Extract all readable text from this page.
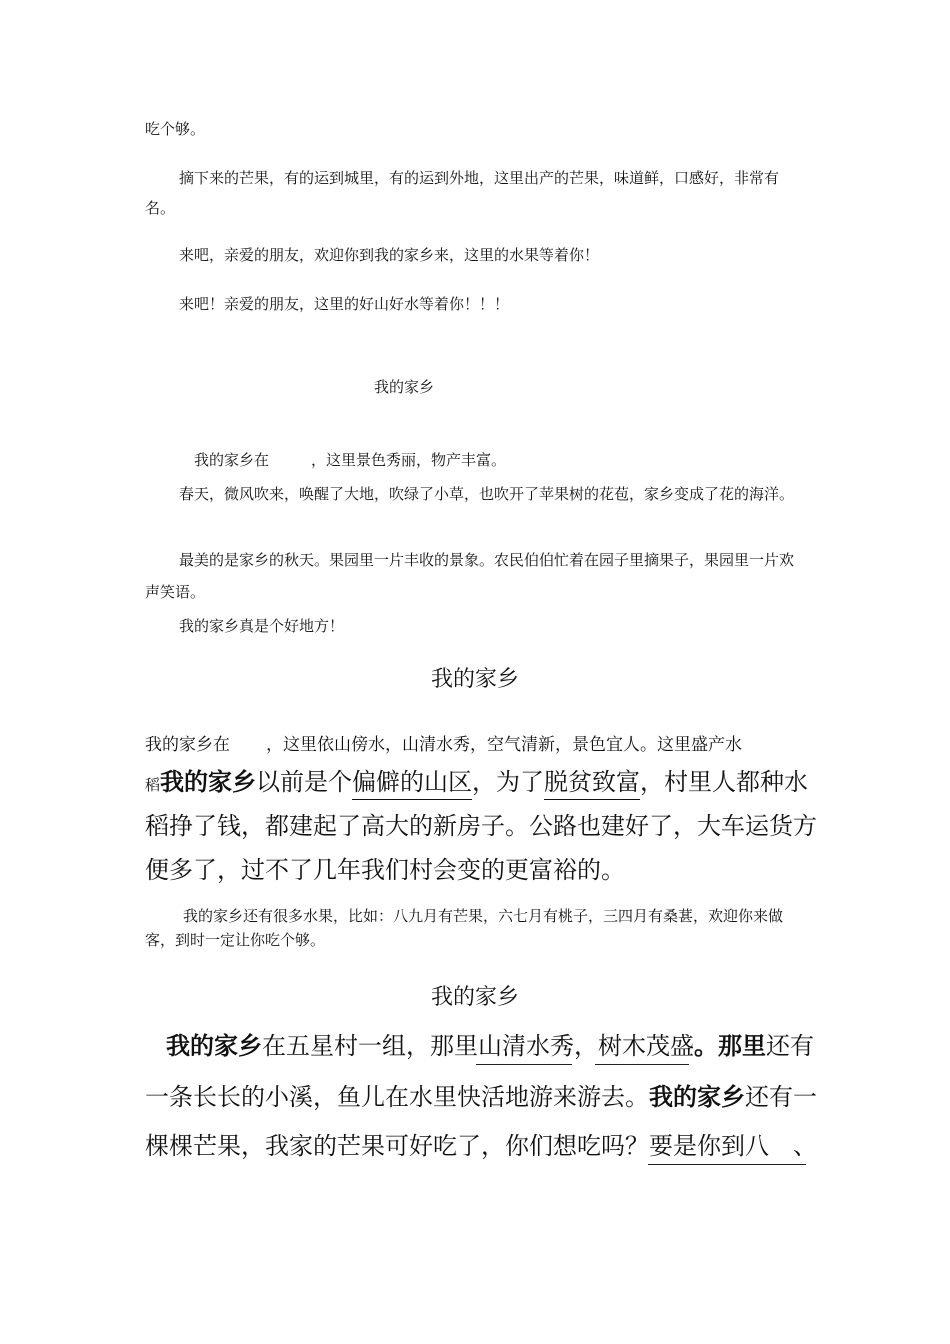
吃个够。

摘下来的芒果，有的运到城里，有的运到外地，这里出产的芒果，味道鲜，口感好，非常有名。

来吧，亲爱的朋友，欢迎你到我的家乡来，这里的水果等着你！

来吧！亲爱的朋友，这里的好山好水等着你！！！

我的家乡

我的家乡在	，这里景色秀丽，物产丰富。

春天，微风吹来，唤醒了大地，吹绿了小草，也吹开了苹果树的花苞，家乡变成了花的海洋。

最美的是家乡的秋天。果园里一片丰收的景象。农民伯伯忙着在园子里摘果子，果园里一片欢声笑语。

我的家乡真是个好地方！

我的家乡

我的家乡在 ，这里依山傍水，山清水秀，空气清新，景色宜人。这里盛产水

稻我的家乡以前是个偏僻的山区，为了脱贫致富，村里人都种水

稻挣了钱，都建起了高大的新房子。公路也建好了，大车运货方

便多了，过不了几年我们村会变的更富裕的。

我的家乡还有很多水果，比如：八九月有芒果，六七月有桃子，三四月有桑葚，欢迎你来做客，到时一定让你吃个够。

我的家乡

我的家乡在五星村一组，那里山清水秀，树木茂盛。那里还有

一条长长的小溪，鱼儿在水里快活地游来游去。我的家乡还有一

棵棵芒果，我家的芒果可好吃了，你们想吃吗？要是你到八　、
